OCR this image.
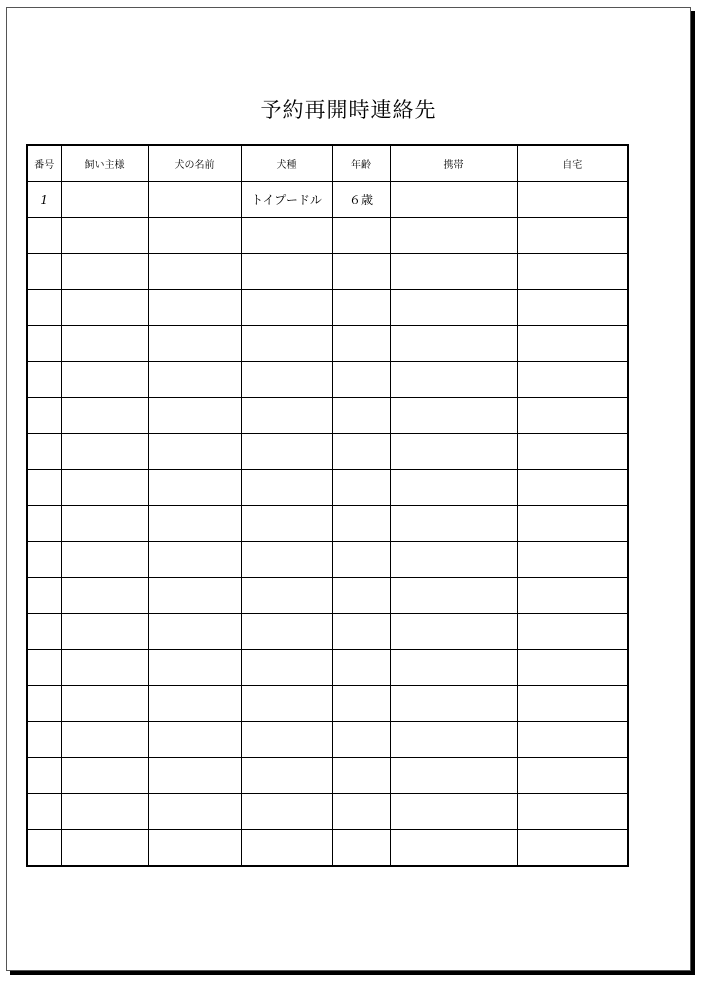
予約再開時連絡先
番号	飼い主様	犬の名前	犬種	年齢	携帯	自宅
1			トイプードル	６歳		
